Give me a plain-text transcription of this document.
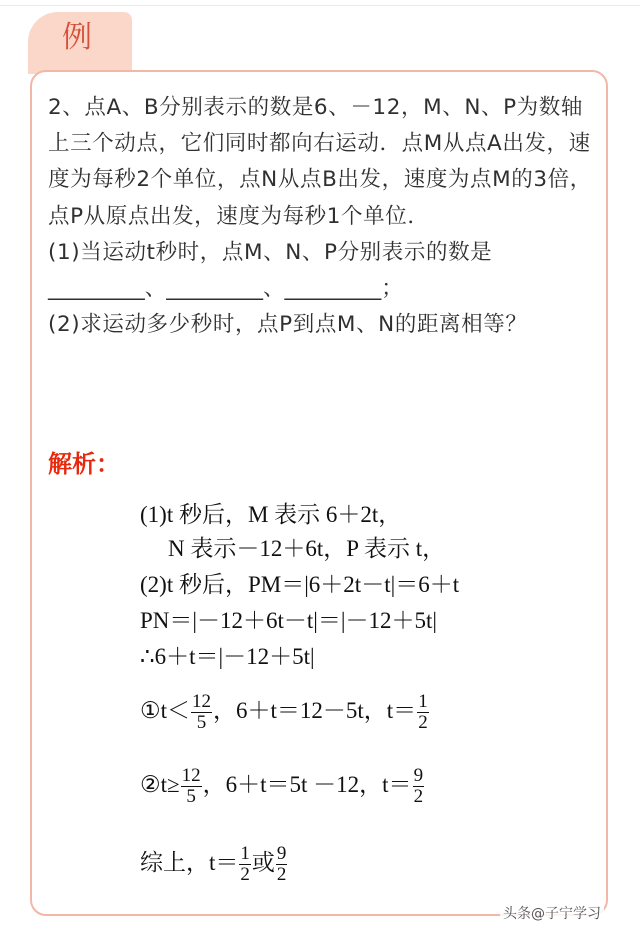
例

2、点A、B分别表示的数是6、－12，M、N、P为数轴上三个动点，它们同时都向右运动．点M从点A出发，速度为每秒2个单位，点N从点B出发，速度为点M的3倍，点P从原点出发，速度为每秒1个单位．

(1)当运动t秒时，点M、N、P分别表示的数是

_________、_________、_________；

(2)求运动多少秒时，点P到点M、N的距离相等？

解析：
(1)t 秒后，M 表示 6＋2t，
N 表示－12＋6t，P 表示 t，
(2)t 秒后，PM＝|6＋2t－t|＝6＋t
PN＝|－12＋6t－t|＝|－12＋5t|
∴6＋t＝|－12＋5t|
①t＜ $\frac{12}{5}$ ，6＋t＝12－5t，$t= \frac{1}{2}$
②t≥ $\frac{12}{5}$ ，6＋t＝5t －12，$t= \frac{9}{2}$
综上，$t= \frac{1}{2}$ 或 $\frac{9}{2}$
头条@子宁学习
